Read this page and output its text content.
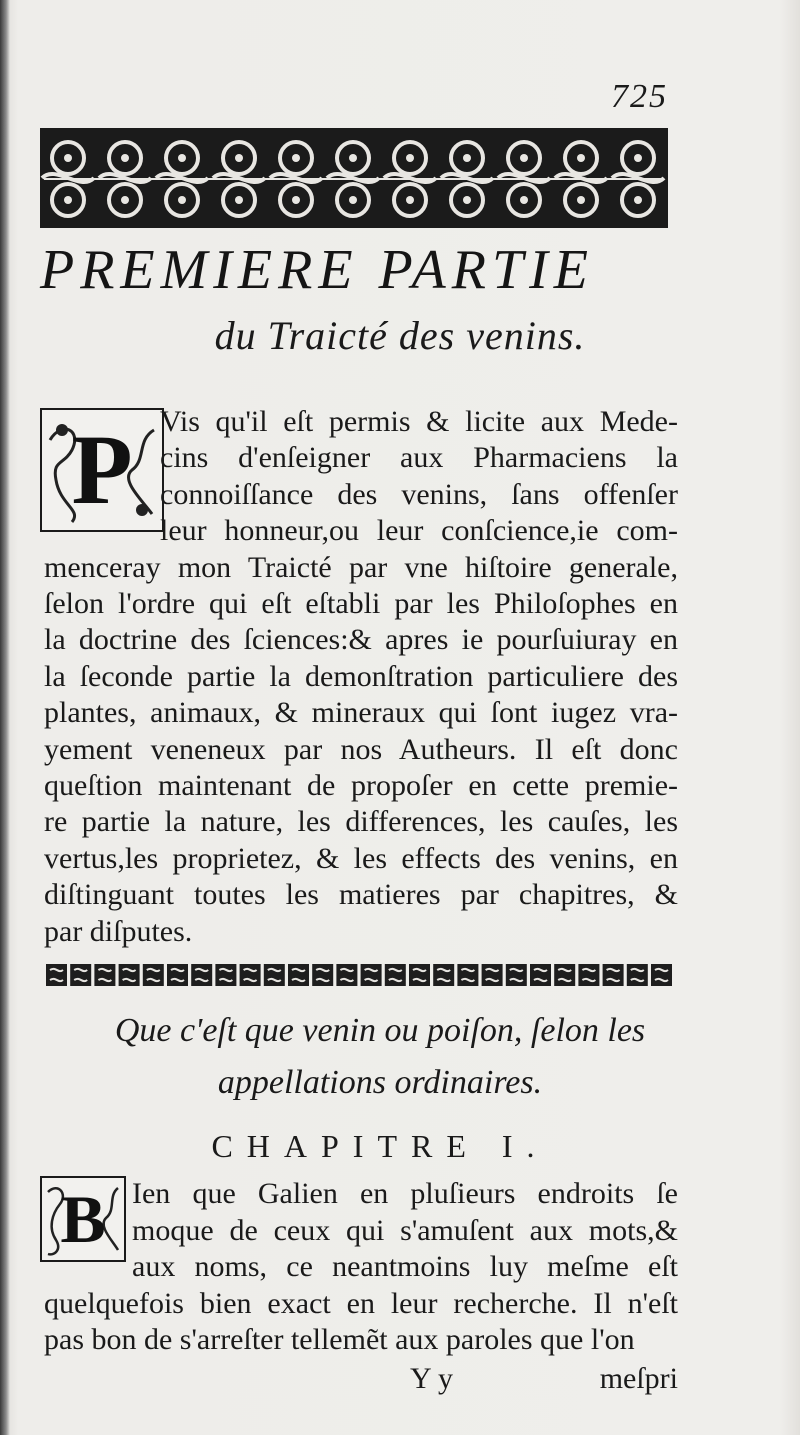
725
PREMIERE PARTIE
du Traicté des venins.
P Vis qu'il eſt permis & licite aux Mede-
cins d'enſeigner aux Pharmaciens la
connoiſſance des venins, ſans offenſer
leur honneur,ou leur conſcience,ie com-
menceray mon Traicté par vne hiſtoire generale,
ſelon l'ordre qui eſt eſtabli par les Philoſophes en
la doctrine des ſciences:& apres ie pourſuiuray en
la ſeconde partie la demonſtration particuliere des
plantes, animaux, & mineraux qui ſont iugez vra-
yement veneneux par nos Autheurs. Il eſt donc
queſtion maintenant de propoſer en cette premie-
re partie la nature, les differences, les cauſes, les
vertus,les proprietez, & les effects des venins, en
diſtinguant toutes les matieres par chapitres, &
par diſputes.
Que c'eſt que venin ou poiſon, ſelon les
appellations ordinaires.
CHAPITRE I.
B Ien que Galien en pluſieurs endroits ſe
moque de ceux qui s'amuſent aux mots,&
aux noms, ce neantmoins luy meſme eſt
quelquefois bien exact en leur recherche. Il n'eſt
pas bon de s'arreſter tellemẽt aux paroles que l'on
Y y	meſpri
